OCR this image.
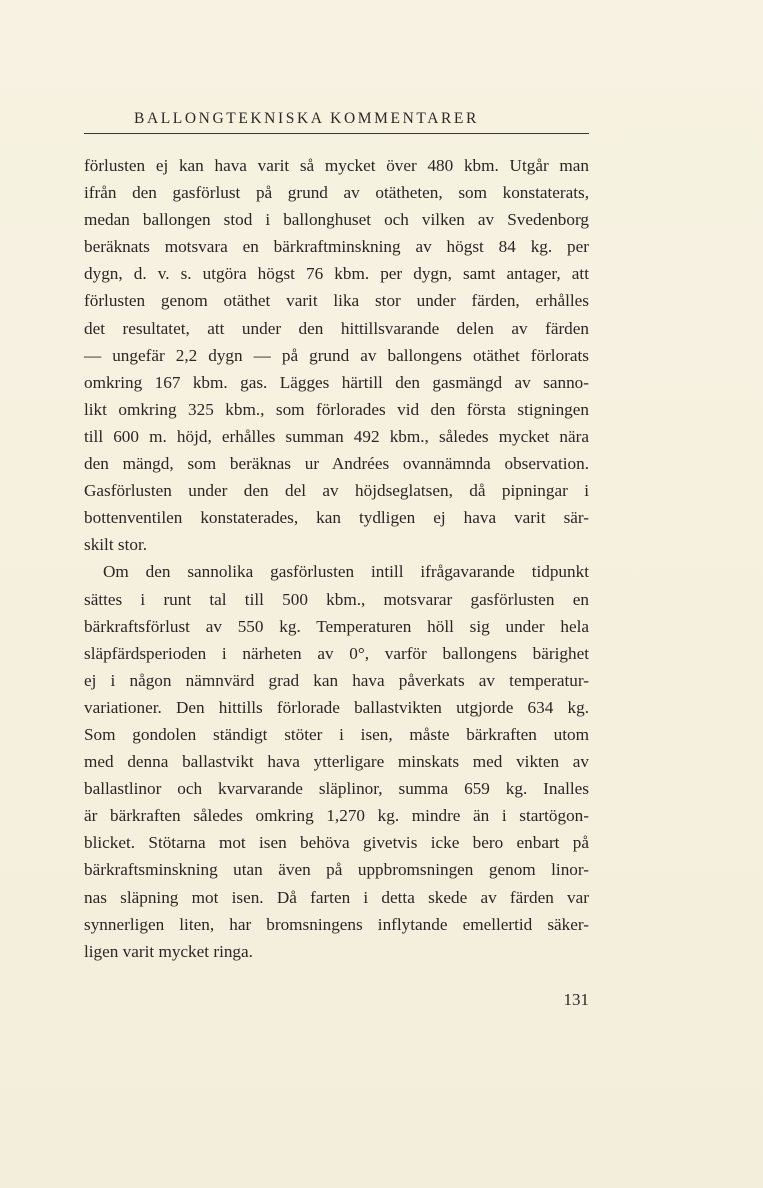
BALLONGTEKNISKA KOMMENTARER
förlusten ej kan hava varit så mycket över 480 kbm. Utgår man
ifrån den gasförlust på grund av otätheten, som konstaterats,
medan ballongen stod i ballonghuset och vilken av Svedenborg
beräknats motsvara en bärkraftminskning av högst 84 kg. per
dygn, d. v. s. utgöra högst 76 kbm. per dygn, samt antager, att
förlusten genom otäthet varit lika stor under färden, erhålles
det resultatet, att under den hittillsvarande delen av färden
— ungefär 2,2 dygn — på grund av ballongens otäthet förlorats
omkring 167 kbm. gas. Lägges härtill den gasmängd av sanno-
likt omkring 325 kbm., som förlorades vid den första stigningen
till 600 m. höjd, erhålles summan 492 kbm., således mycket nära
den mängd, som beräknas ur Andrées ovannämnda observation.
Gasförlusten under den del av höjdseglatsen, då pipningar i
bottenventilen konstaterades, kan tydligen ej hava varit sär-
skilt stor.
Om den sannolika gasförlusten intill ifrågavarande tidpunkt
sättes i runt tal till 500 kbm., motsvarar gasförlusten en
bärkraftsförlust av 550 kg. Temperaturen höll sig under hela
släpfärdsperioden i närheten av 0°, varför ballongens bärighet
ej i någon nämnvärd grad kan hava påverkats av temperatur-
variationer. Den hittills förlorade ballastvikten utgjorde 634 kg.
Som gondolen ständigt stöter i isen, måste bärkraften utom
med denna ballastvikt hava ytterligare minskats med vikten av
ballastlinor och kvarvarande släplinor, summa 659 kg. Inalles
är bärkraften således omkring 1,270 kg. mindre än i startögon-
blicket. Stötarna mot isen behöva givetvis icke bero enbart på
bärkraftsminskning utan även på uppbromsningen genom linor-
nas släpning mot isen. Då farten i detta skede av färden var
synnerligen liten, har bromsningens inflytande emellertid säker-
ligen varit mycket ringa.
131
